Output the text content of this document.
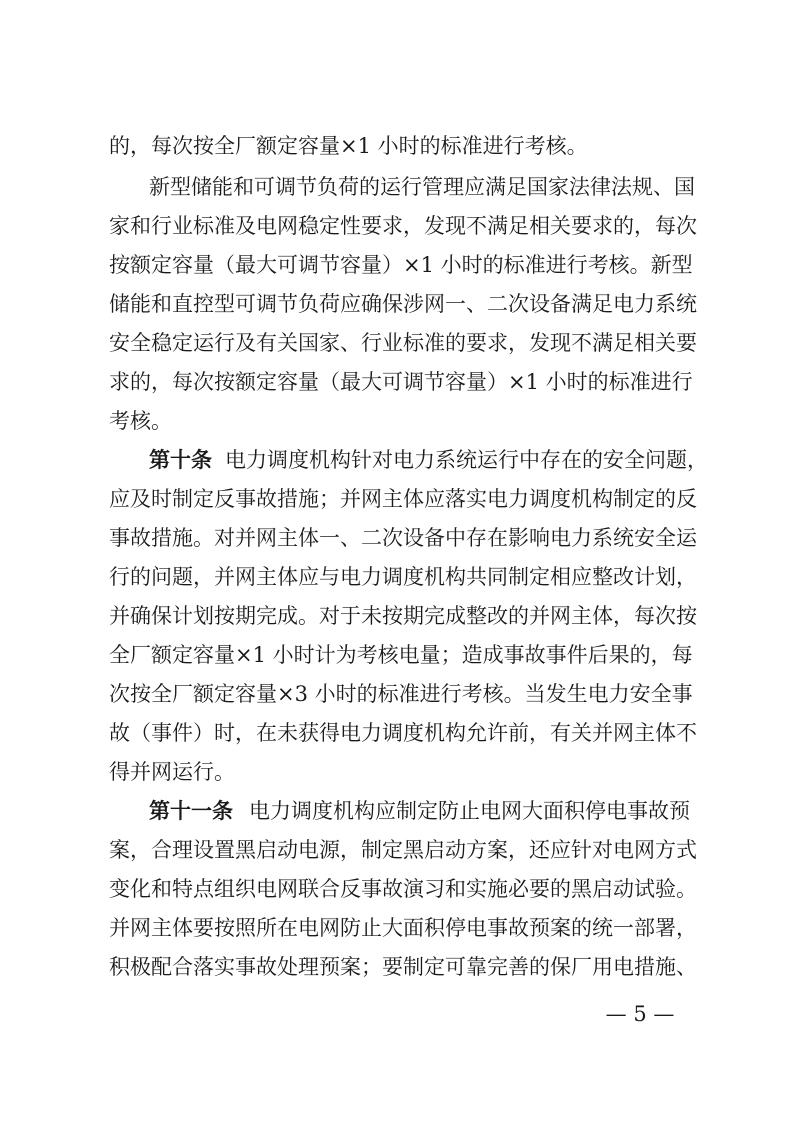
的，每次按全厂额定容量×1 小时的标准进行考核。

新型储能和可调节负荷的运行管理应满足国家法律法规、国

家和行业标准及电网稳定性要求，发现不满足相关要求的，每次

按额定容量（最大可调节容量）×1 小时的标准进行考核。新型

储能和直控型可调节负荷应确保涉网一、二次设备满足电力系统

安全稳定运行及有关国家、行业标准的要求，发现不满足相关要

求的，每次按额定容量（最大可调节容量）×1 小时的标准进行

考核。

第十条 电力调度机构针对电力系统运行中存在的安全问题，

应及时制定反事故措施；并网主体应落实电力调度机构制定的反

事故措施。对并网主体一、二次设备中存在影响电力系统安全运

行的问题，并网主体应与电力调度机构共同制定相应整改计划，

并确保计划按期完成。对于未按期完成整改的并网主体，每次按

全厂额定容量×1 小时计为考核电量；造成事故事件后果的，每

次按全厂额定容量×3 小时的标准进行考核。当发生电力安全事

故（事件）时，在未获得电力调度机构允许前，有关并网主体不

得并网运行。

第十一条 电力调度机构应制定防止电网大面积停电事故预

案，合理设置黑启动电源，制定黑启动方案，还应针对电网方式

变化和特点组织电网联合反事故演习和实施必要的黑启动试验。

并网主体要按照所在电网防止大面积停电事故预案的统一部署，

积极配合落实事故处理预案；要制定可靠完善的保厂用电措施、

— 5 —
